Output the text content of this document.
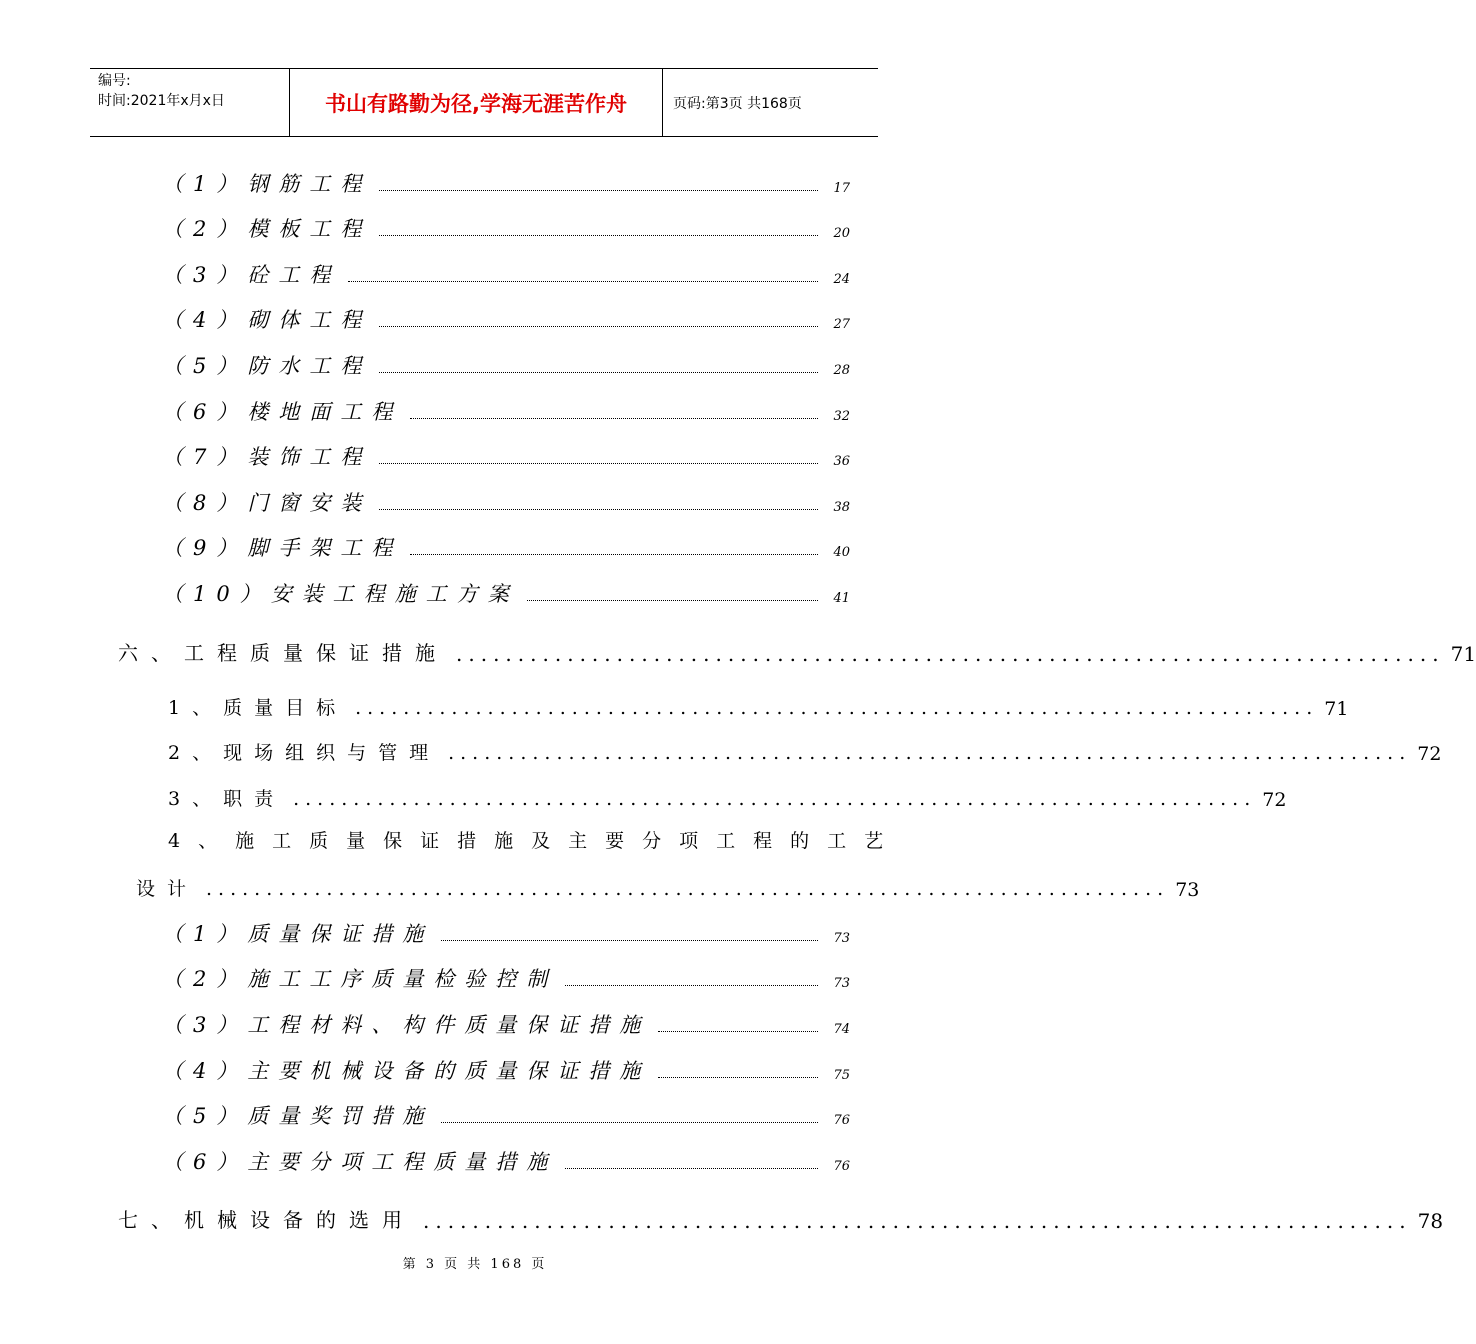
编号:
时间:2021年x月x日	书山有路勤为径,学海无涯苦作舟	页码:第3页 共168页
（1）钢筋工程	17
（2）模板工程	20
（3）砼工程	24
（4）砌体工程	27
（5）防水工程	28
（6）楼地面工程	32
（7）装饰工程	36
（8）门窗安装	38
（9）脚手架工程	40
（10）安装工程施工方案	41
六、工程质量保证措施 ................................................................................ 71
1、质量目标 ................................................................................ 71
2、现场组织与管理 ................................................................................ 72
3、职责 ................................................................................ 72
4、施工质量保证措施及主要分项工程的工艺
设计 ................................................................................ 73
（1）质量保证措施	73
（2）施工工序质量检验控制	73
（3）工程材料、构件质量保证措施	74
（4）主要机械设备的质量保证措施	75
（5）质量奖罚措施	76
（6）主要分项工程质量措施	76
七、机械设备的选用 ................................................................................ 78
第 3 页 共 168 页
